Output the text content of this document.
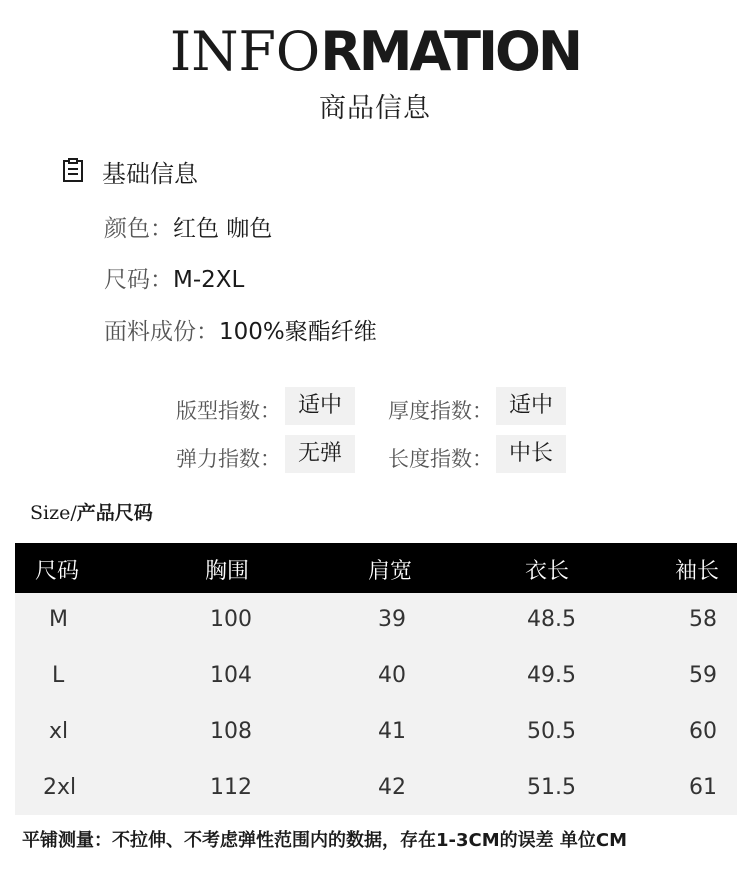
INFORMATION
商品信息
基础信息
颜色：红色 咖色
尺码：M-2XL
面料成份：100%聚酯纤维
版型指数： 适中	厚度指数： 适中
弹力指数： 无弹	长度指数： 中长
Size/产品尺码
尺码	胸围	肩宽	衣长	袖长
M	100	39	48.5	58
L	104	40	49.5	59
xl	108	41	50.5	60
2xl	112	42	51.5	61
平铺测量：不拉伸、不考虑弹性范围内的数据，存在1-3CM的误差 单位CM
